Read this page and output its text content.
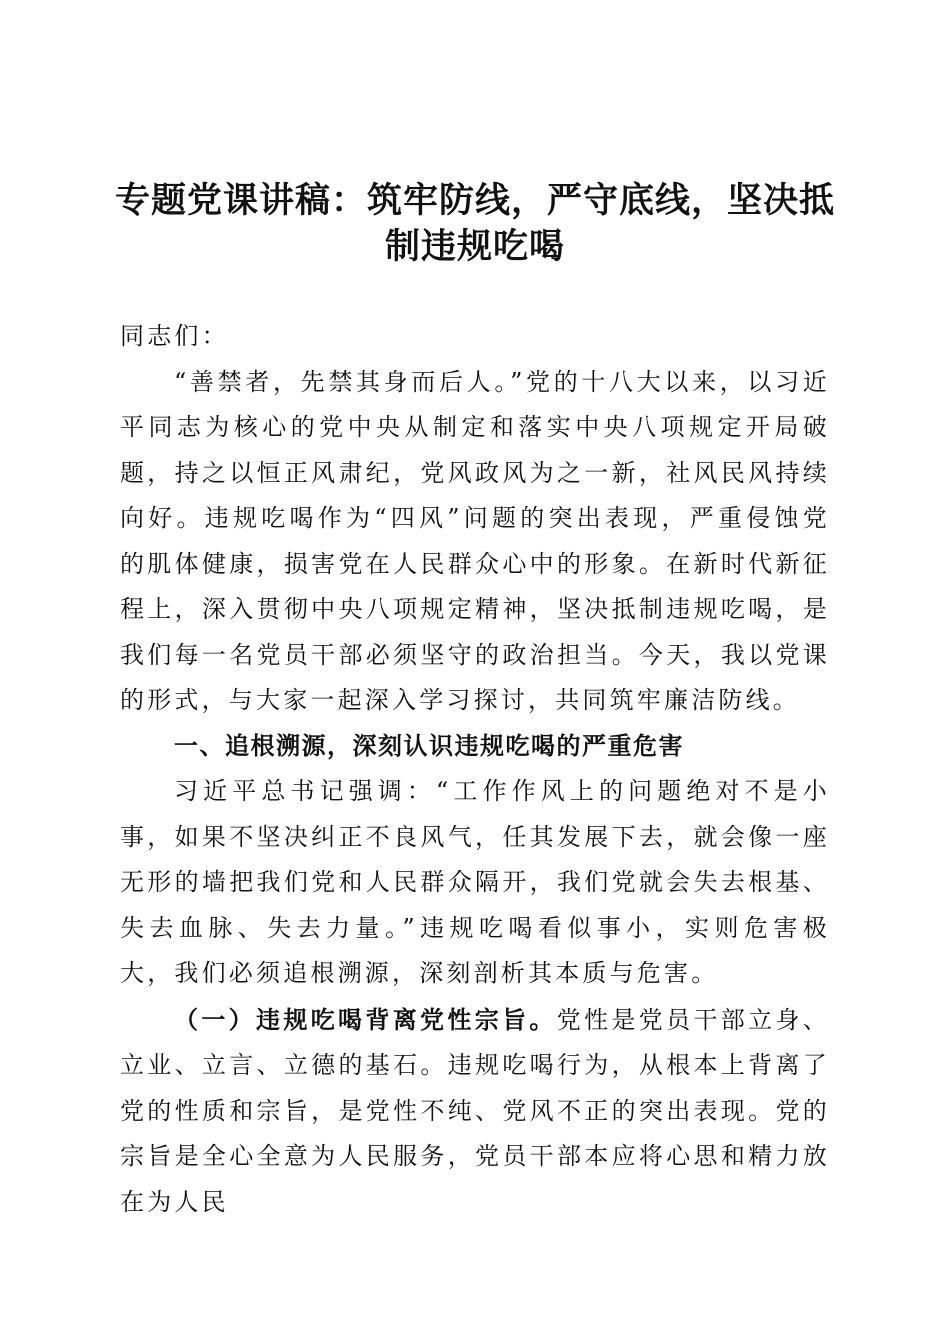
专题党课讲稿：筑牢防线，严守底线，坚决抵制违规吃喝

同志们：

“善禁者，先禁其身而后人。”党的十八大以来，以习近平同志为核心的党中央从制定和落实中央八项规定开局破题，持之以恒正风肃纪，党风政风为之一新，社风民风持续向好。违规吃喝作为“四风”问题的突出表现，严重侵蚀党的肌体健康，损害党在人民群众心中的形象。在新时代新征程上，深入贯彻中央八项规定精神，坚决抵制违规吃喝，是我们每一名党员干部必须坚守的政治担当。今天，我以党课的形式，与大家一起深入学习探讨，共同筑牢廉洁防线。

一、追根溯源，深刻认识违规吃喝的严重危害

习近平总书记强调：“工作作风上的问题绝对不是小事，如果不坚决纠正不良风气，任其发展下去，就会像一座无形的墙把我们党和人民群众隔开，我们党就会失去根基、失去血脉、失去力量。”违规吃喝看似事小，实则危害极大，我们必须追根溯源，深刻剖析其本质与危害。

（一）违规吃喝背离党性宗旨。党性是党员干部立身、立业、立言、立德的基石。违规吃喝行为，从根本上背离了党的性质和宗旨，是党性不纯、党风不正的突出表现。党的宗旨是全心全意为人民服务，党员干部本应将心思和精力放在为人民
